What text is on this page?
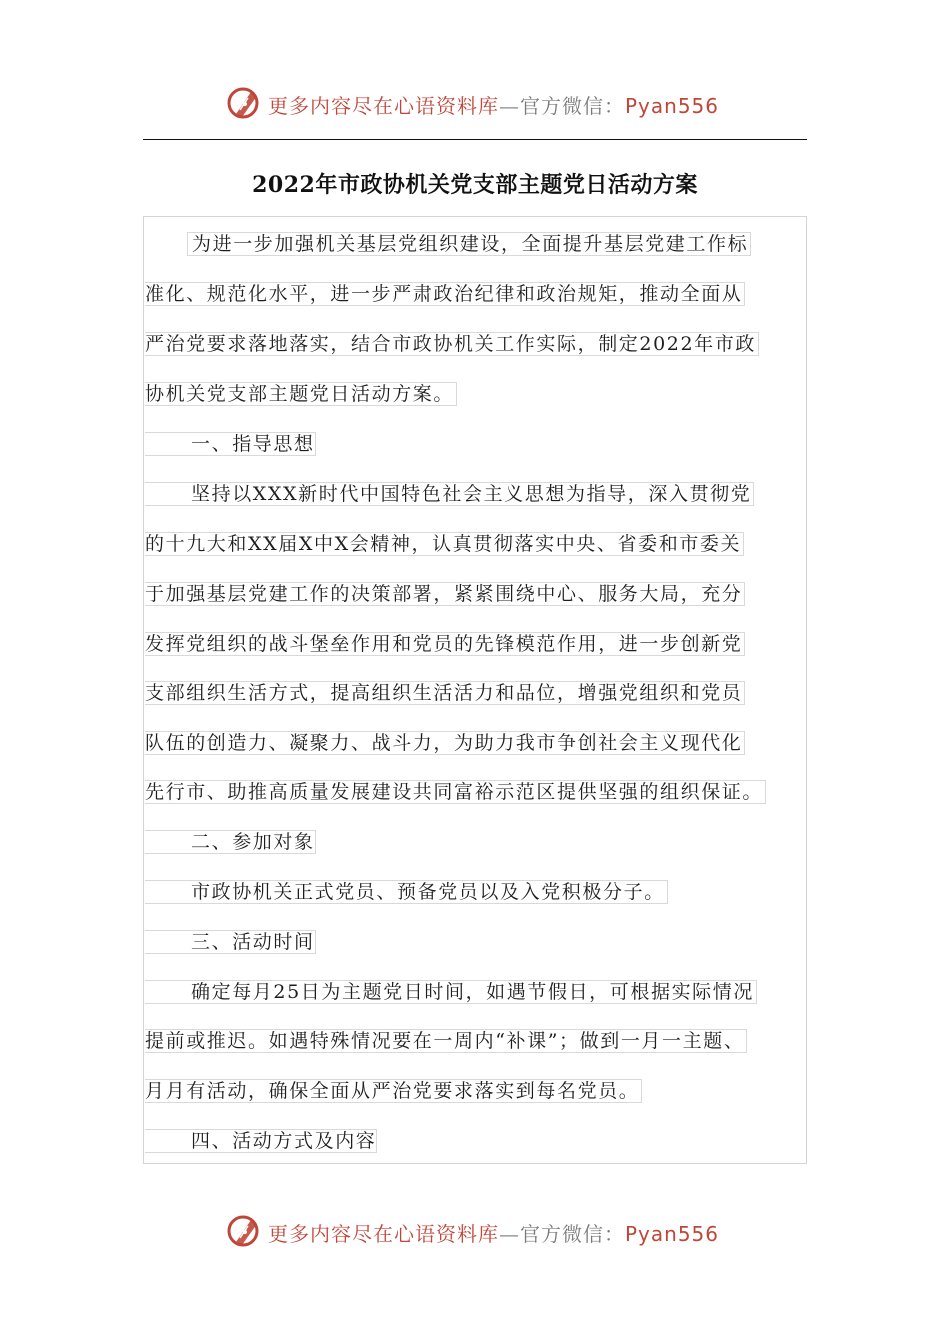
更多内容尽在心语资料库—官方微信：Pyan556
2022年市政协机关党支部主题党日活动方案
为进一步加强机关基层党组织建设，全面提升基层党建工作标
准化、规范化水平，进一步严肃政治纪律和政治规矩，推动全面从
严治党要求落地落实，结合市政协机关工作实际，制定2022年市政
协机关党支部主题党日活动方案。
一、指导思想
坚持以XXX新时代中国特色社会主义思想为指导，深入贯彻党
的十九大和XX届X中X会精神，认真贯彻落实中央、省委和市委关
于加强基层党建工作的决策部署，紧紧围绕中心、服务大局，充分
发挥党组织的战斗堡垒作用和党员的先锋模范作用，进一步创新党
支部组织生活方式，提高组织生活活力和品位，增强党组织和党员
队伍的创造力、凝聚力、战斗力，为助力我市争创社会主义现代化
先行市、助推高质量发展建设共同富裕示范区提供坚强的组织保证。
二、参加对象
市政协机关正式党员、预备党员以及入党积极分子。
三、活动时间
确定每月25日为主题党日时间，如遇节假日，可根据实际情况
提前或推迟。如遇特殊情况要在一周内“补课”；做到一月一主题、
月月有活动，确保全面从严治党要求落实到每名党员。
四、活动方式及内容
更多内容尽在心语资料库—官方微信：Pyan556
